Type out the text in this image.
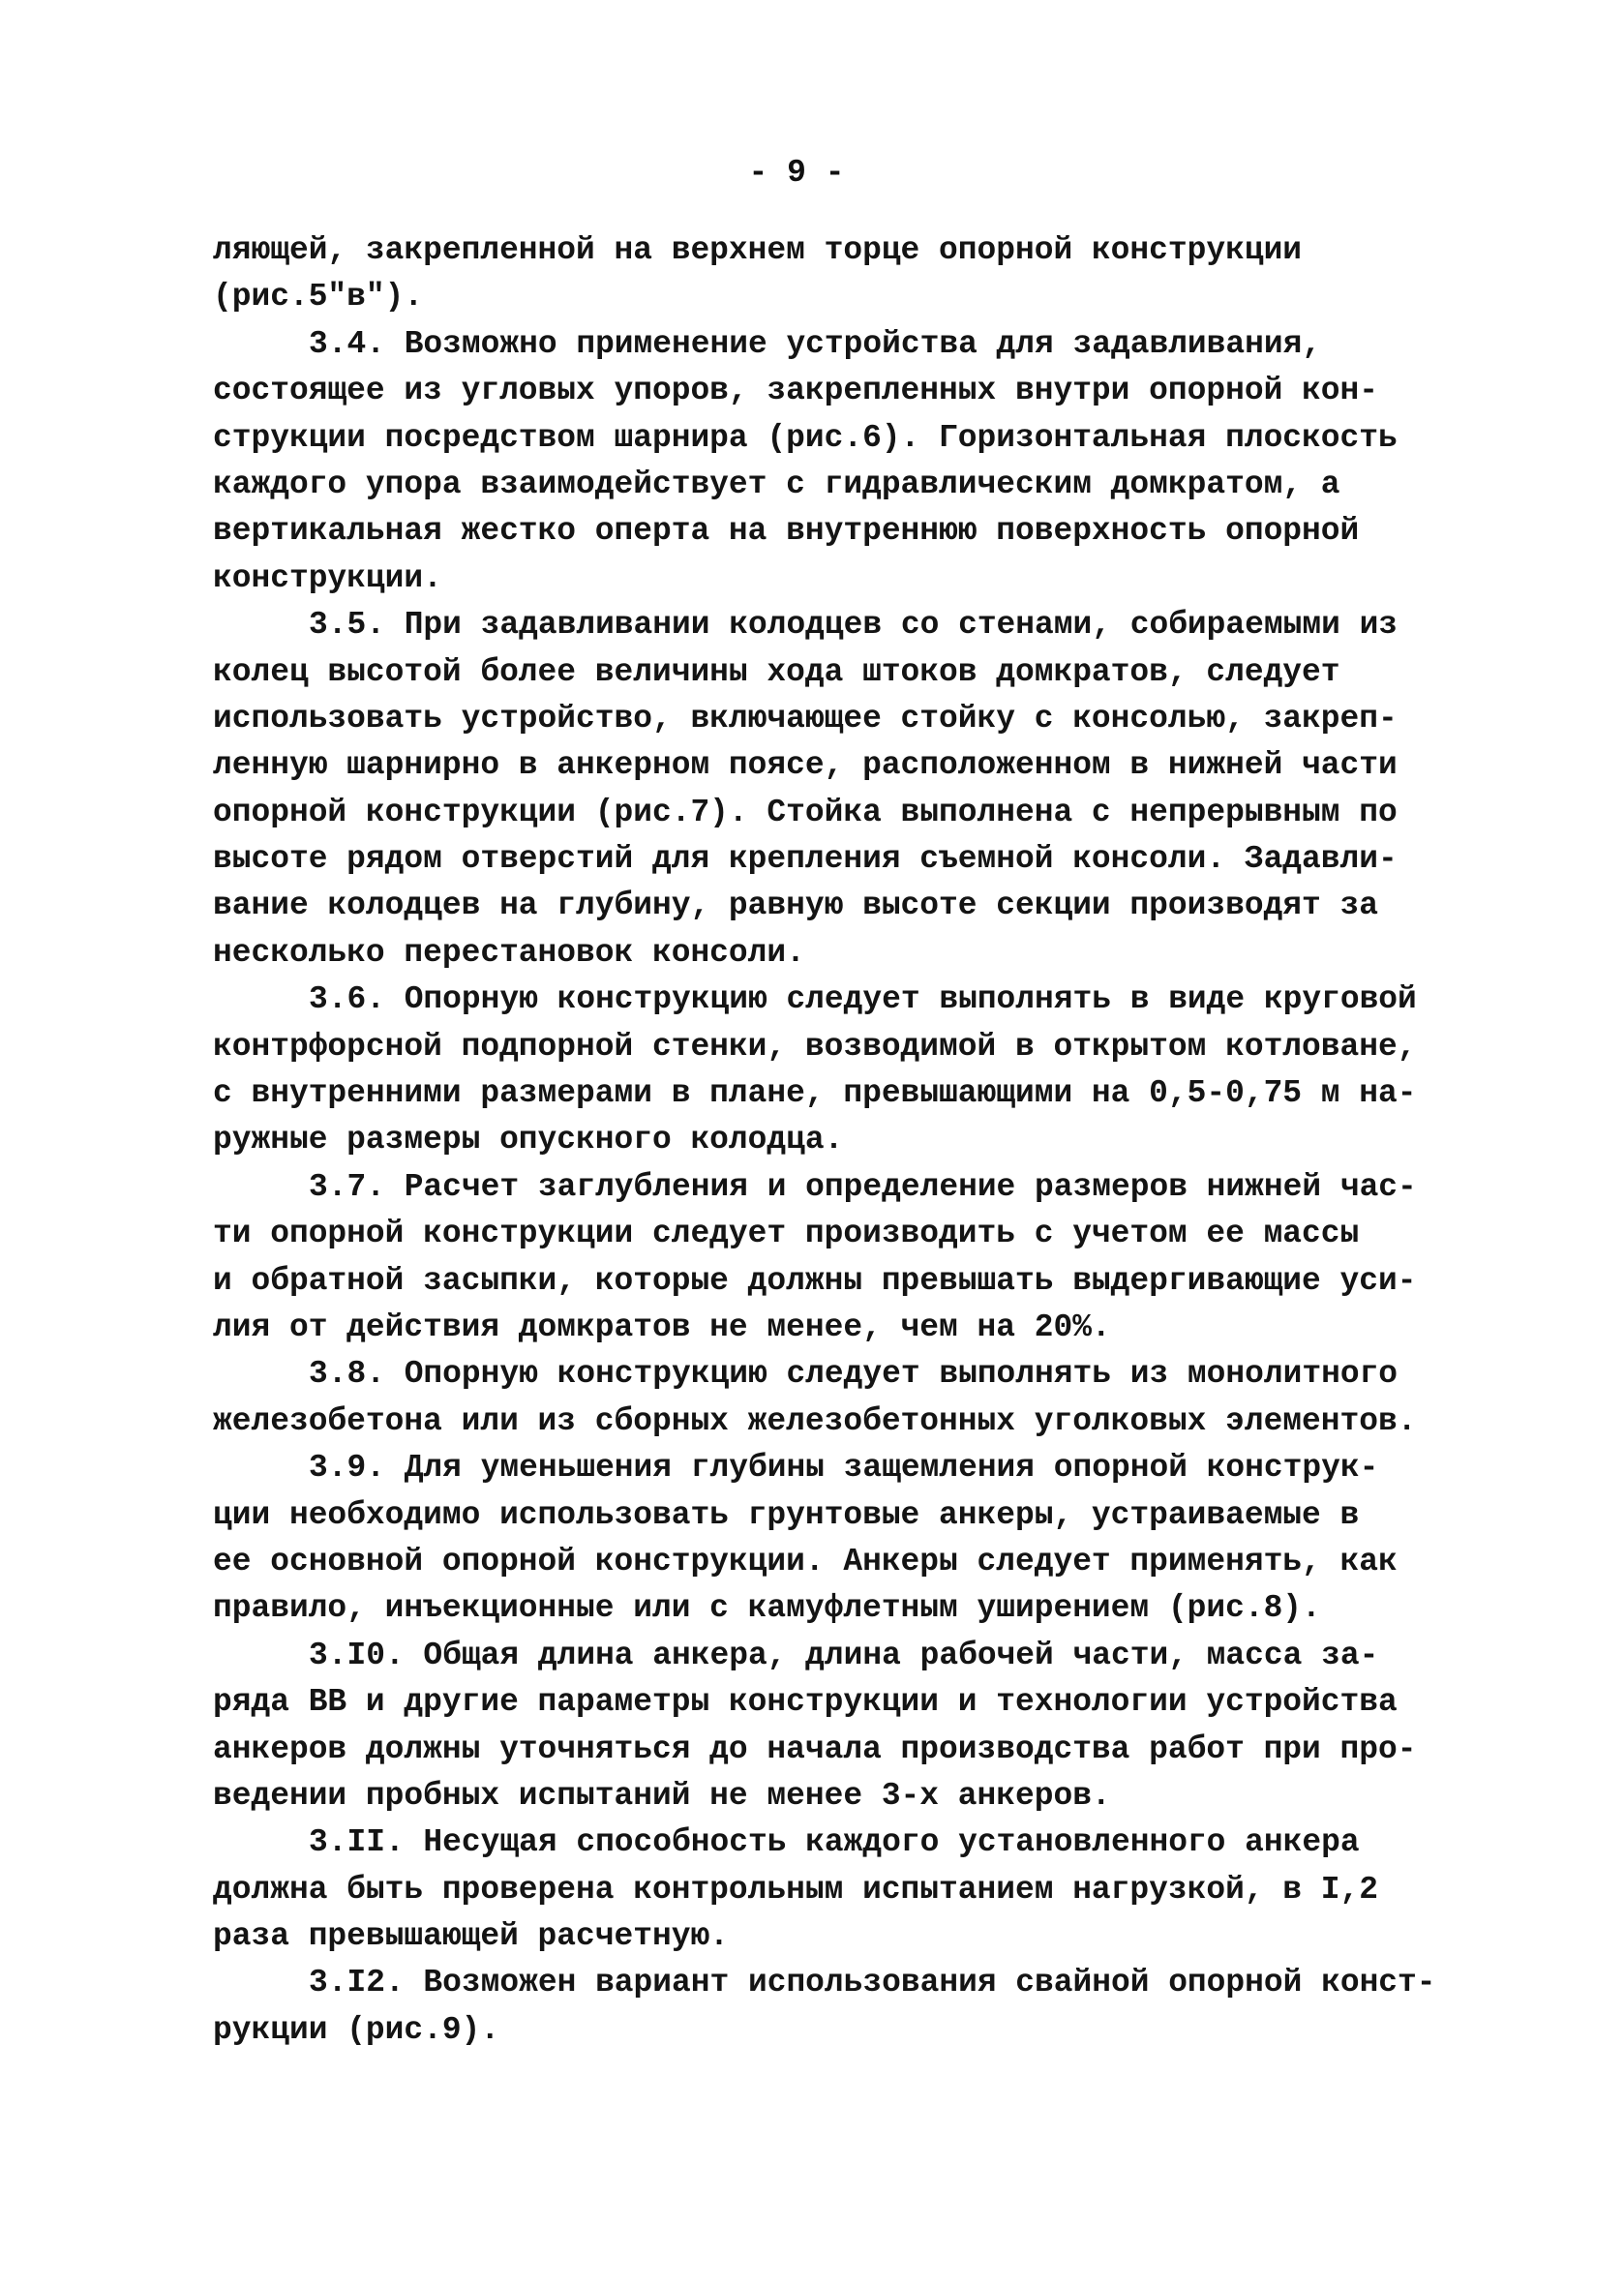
- 9 -
ляющей, закрепленной на верхнем торце опорной конструкции
(рис.5"в").
3.4. Возможно применение устройства для задавливания,
состоящее из угловых упоров, закрепленных внутри опорной кон-
струкции посредством шарнира (рис.6). Горизонтальная плоскость
каждого упора взаимодействует с гидравлическим домкратом, а
вертикальная жестко оперта на внутреннюю поверхность опорной
конструкции.
3.5. При задавливании колодцев со стенами, собираемыми из
колец высотой более величины хода штоков домкратов, следует
использовать устройство, включающее стойку с консолью, закреп-
ленную шарнирно в анкерном поясе, расположенном в нижней части
опорной конструкции (рис.7). Стойка выполнена с непрерывным по
высоте рядом отверстий для крепления съемной консоли. Задавли-
вание колодцев на глубину, равную высоте секции производят за
несколько перестановок консоли.
3.6. Опорную конструкцию следует выполнять в виде круговой
контрфорсной подпорной стенки, возводимой в открытом котловане,
с внутренними размерами в плане, превышающими на 0,5-0,75 м на-
ружные размеры опускного колодца.
3.7. Расчет заглубления и определение размеров нижней час-
ти опорной конструкции следует производить с учетом ее массы
и обратной засыпки, которые должны превышать выдергивающие уси-
лия от действия домкратов не менее, чем на 20%.
3.8. Опорную конструкцию следует выполнять из монолитного
железобетона или из сборных железобетонных уголковых элементов.
3.9. Для уменьшения глубины защемления опорной конструк-
ции необходимо использовать грунтовые анкеры, устраиваемые в
ее основной опорной конструкции. Анкеры следует применять, как
правило, инъекционные или с камуфлетным уширением (рис.8).
3.I0. Общая длина анкера, длина рабочей части, масса за-
ряда ВВ и другие параметры конструкции и технологии устройства
анкеров должны уточняться до начала производства работ при про-
ведении пробных испытаний не менее 3-х анкеров.
3.II. Несущая способность каждого установленного анкера
должна быть проверена контрольным испытанием нагрузкой, в I,2
раза превышающей расчетную.
3.I2. Возможен вариант использования свайной опорной конст-
рукции (рис.9).
